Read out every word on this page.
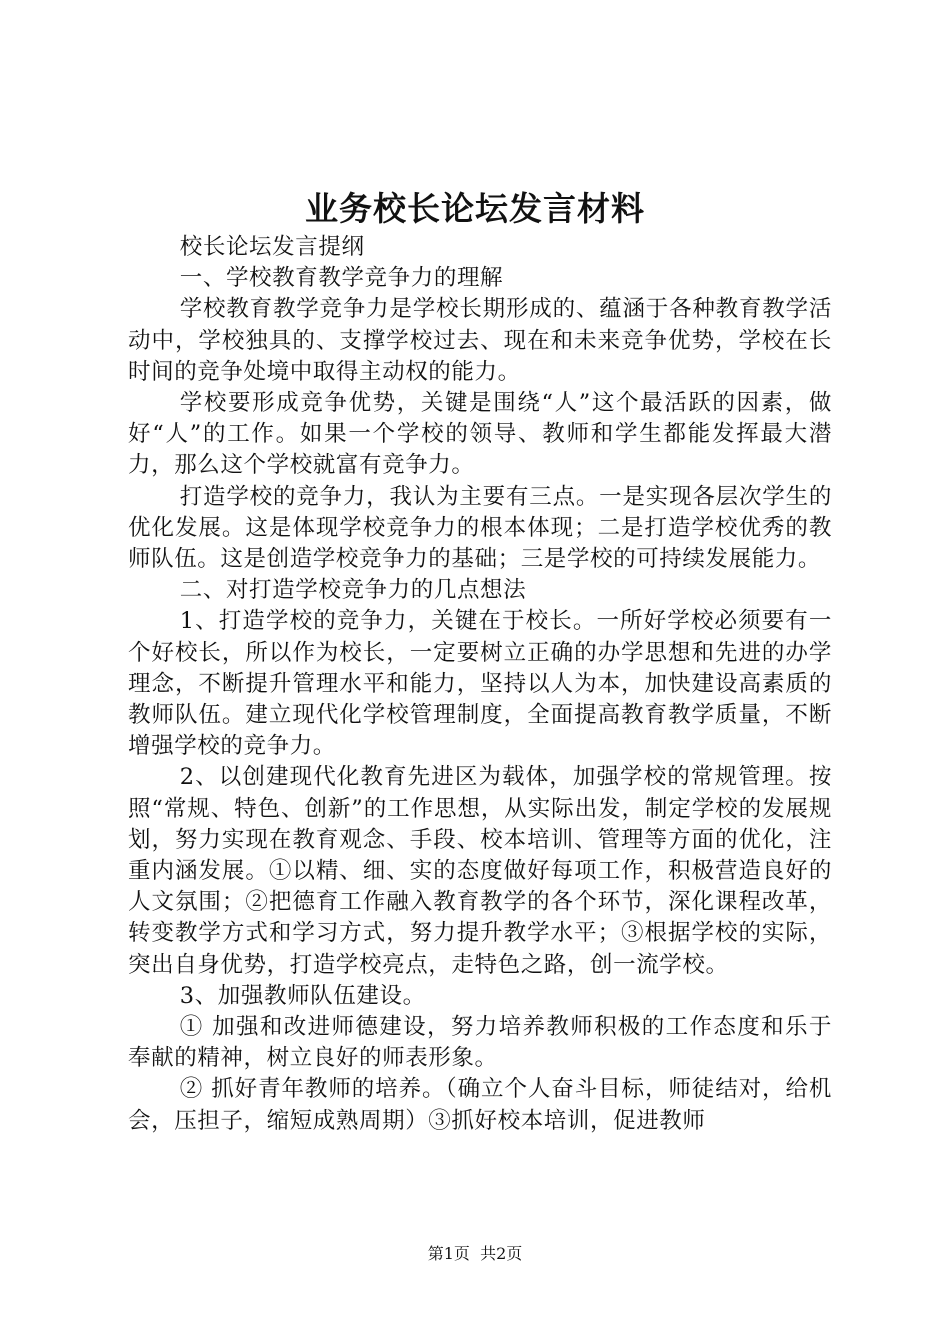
业务校长论坛发言材料

校长论坛发言提纲

一、学校教育教学竞争力的理解

学校教育教学竞争力是学校长期形成的、蕴涵于各种教育教学活动中，学校独具的、支撑学校过去、现在和未来竞争优势，学校在长时间的竞争处境中取得主动权的能力。

学校要形成竞争优势，关键是围绕“人”这个最活跃的因素，做好“人”的工作。如果一个学校的领导、教师和学生都能发挥最大潜力，那么这个学校就富有竞争力。

打造学校的竞争力，我认为主要有三点。一是实现各层次学生的优化发展。这是体现学校竞争力的根本体现；二是打造学校优秀的教师队伍。这是创造学校竞争力的基础；三是学校的可持续发展能力。

二、对打造学校竞争力的几点想法

1、打造学校的竞争力，关键在于校长。一所好学校必须要有一个好校长，所以作为校长，一定要树立正确的办学思想和先进的办学理念，不断提升管理水平和能力，坚持以人为本，加快建设高素质的教师队伍。建立现代化学校管理制度，全面提高教育教学质量，不断增强学校的竞争力。

2、以创建现代化教育先进区为载体，加强学校的常规管理。按照“常规、特色、创新”的工作思想，从实际出发，制定学校的发展规划，努力实现在教育观念、手段、校本培训、管理等方面的优化，注重内涵发展。①以精、细、实的态度做好每项工作，积极营造良好的人文氛围；②把德育工作融入教育教学的各个环节，深化课程改革，转变教学方式和学习方式，努力提升教学水平；③根据学校的实际，突出自身优势，打造学校亮点，走特色之路，创一流学校。

3、加强教师队伍建设。

① 加强和改进师德建设，努力培养教师积极的工作态度和乐于奉献的精神，树立良好的师表形象。

② 抓好青年教师的培养。（确立个人奋斗目标，师徒结对，给机会，压担子，缩短成熟周期）③抓好校本培训，促进教师

第1页 共2页
